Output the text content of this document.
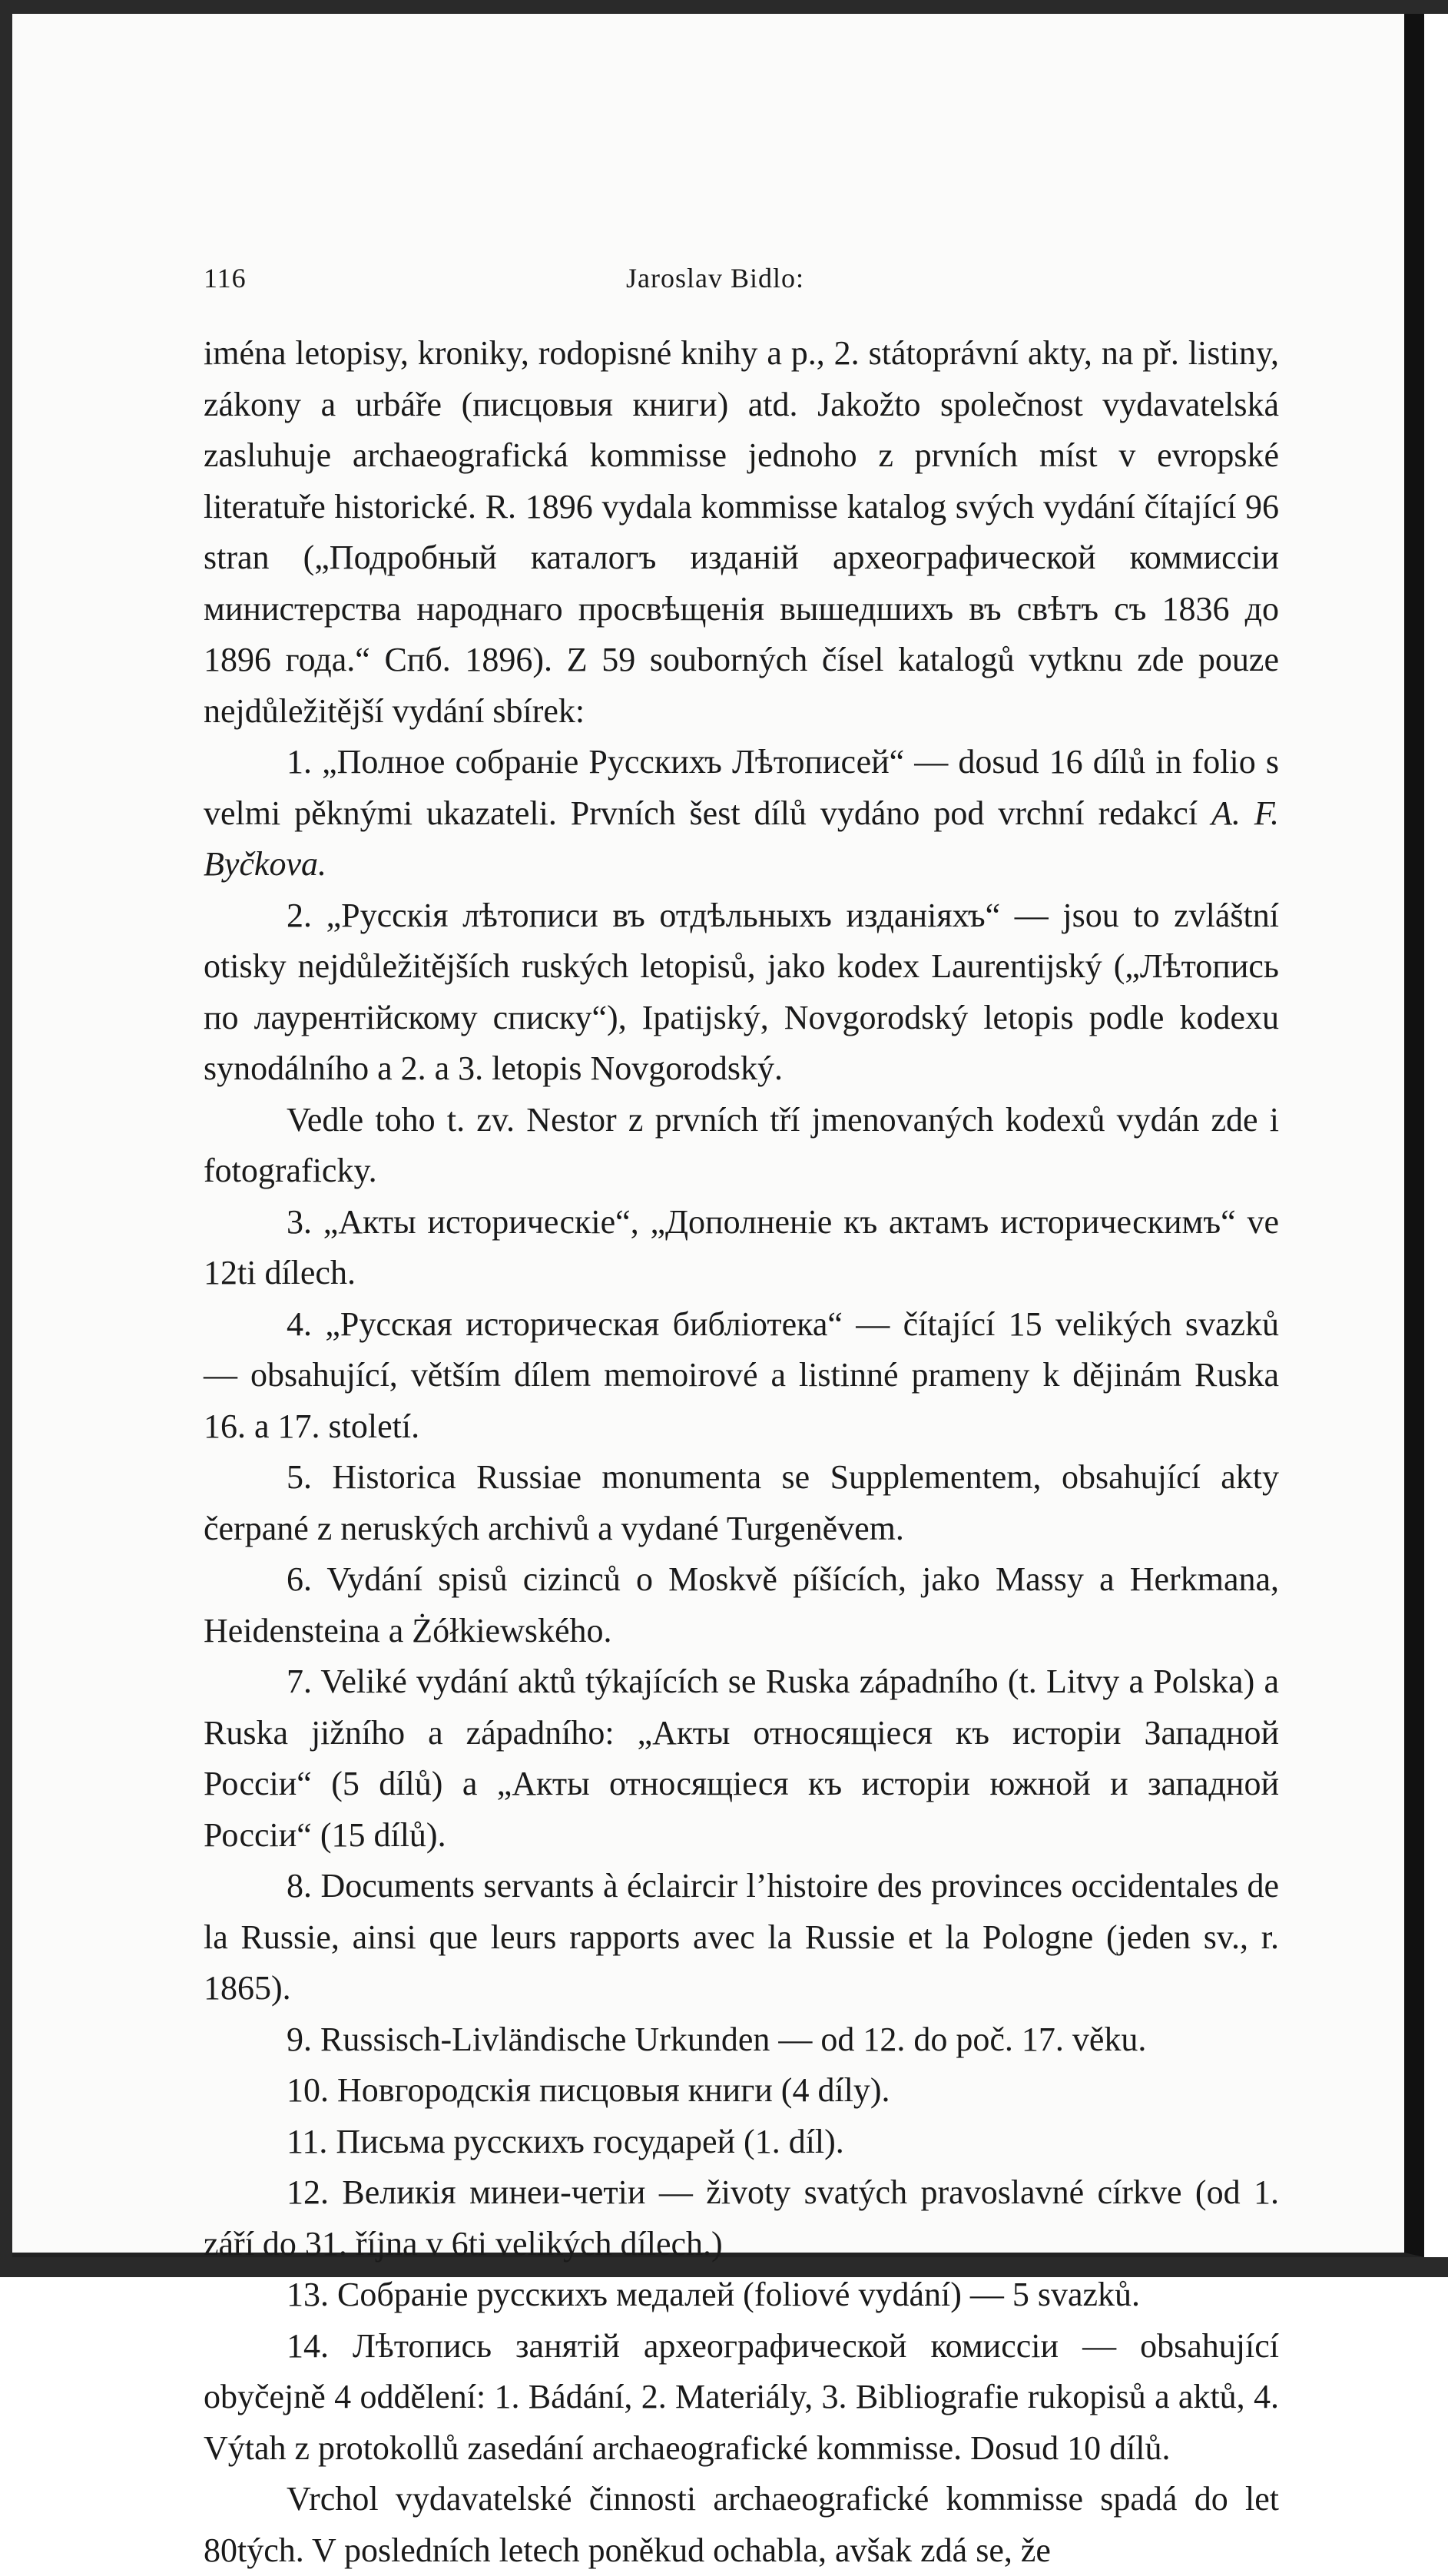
116	Jaroslav Bidlo:

iména letopisy, kroniky, rodopisné knihy a p., 2. státoprávní akty, na př. listiny, zákony a urbáře (писцовыя книги) atd. Jakožto společnost vydavatelská zasluhuje archaeografická kommisse jednoho z prvních míst v evropské literatuře historické. R. 1896 vydala kommisse katalog svých vydání čítající 96 stran („Подробный каталогъ изданій археографической коммиссіи министерства народнаго просвѣщенія вышедшихъ въ свѣтъ съ 1836 до 1896 года.“ Спб. 1896). Z 59 souborných čísel katalogů vytknu zde pouze nejdůležitější vydání sbírek:

1. „Полное собраніе Русскихъ Лѣтописей“ — dosud 16 dílů in folio s velmi pěknými ukazateli. Prvních šest dílů vydáno pod vrchní redakcí A. F. Byčkova.

2. „Русскія лѣтописи въ отдѣльныхъ изданіяхъ“ — jsou to zvláštní otisky nejdůležitějších ruských letopisů, jako kodex Laurentijský („Лѣтопись по лаурентійскому списку“), Ipatijský, Novgorodský letopis podle kodexu synodálního a 2. a 3. letopis Novgorodský.

Vedle toho t. zv. Nestor z prvních tří jmenovaných kodexů vydán zde i fotograficky.

3. „Акты историческіе“, „Дополненіе къ актамъ историческимъ“ ve 12ti dílech.

4. „Русская историческая библіотека“ — čítající 15 velikých svazků — obsahující, větším dílem memoirové a listinné prameny k dějinám Ruska 16. a 17. století.

5. Historica Russiae monumenta se Supplementem, obsahující akty čerpané z neruských archivů a vydané Turgeněvem.

6. Vydání spisů cizinců o Moskvě píšících, jako Massy a Herkmana, Heidensteina a Żółkiewského.

7. Veliké vydání aktů týkajících se Ruska západního (t. Litvy a Polska) a Ruska jižního a západního: „Акты относящіеся къ исторіи Западной Россіи“ (5 dílů) a „Акты относящіеся къ исторіи южной и западной Россіи“ (15 dílů).

8. Documents servants à éclaircir l’histoire des provinces occidentales de la Russie, ainsi que leurs rapports avec la Russie et la Pologne (jeden sv., r. 1865).

9. Russisch-Livländische Urkunden — od 12. do poč. 17. věku.

10. Новгородскія писцовыя книги (4 díly).

11. Письма русскихъ государей (1. díl).

12. Великія минеи-четіи — životy svatých pravoslavné církve (od 1. září do 31. října v 6ti velikých dílech.)

13. Собраніе русскихъ медалей (foliové vydání) — 5 svazků.

14. Лѣтопись занятій археографической комиссіи — obsahující obyčejně 4 oddělení: 1. Bádání, 2. Materiály, 3. Bibliografie rukopisů a aktů, 4. Výtah z protokollů zasedání archaeografické kommisse. Dosud 10 dílů.

Vrchol vydavatelské činnosti archaeografické kommisse spadá do let 80tých. V posledních letech poněkud ochabla, avšak zdá se, že
